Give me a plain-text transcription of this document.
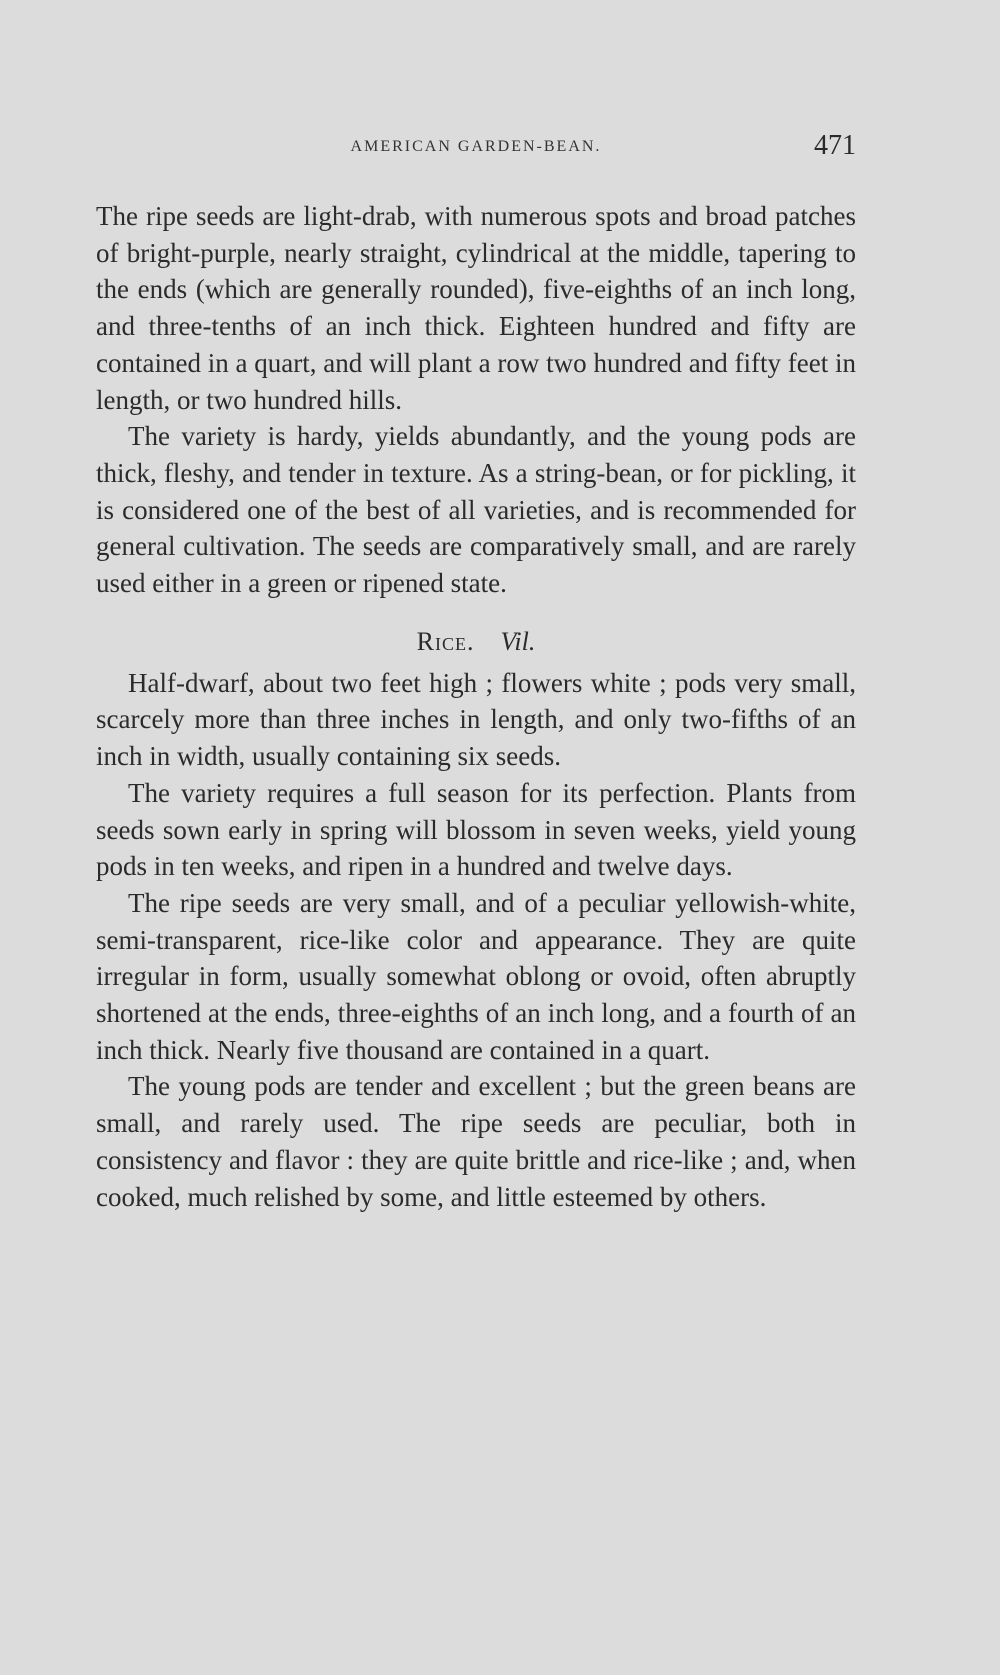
AMERICAN GARDEN-BEAN.	471

The ripe seeds are light-drab, with numerous spots and broad patches of bright-purple, nearly straight, cylindrical at the middle, tapering to the ends (which are generally rounded), five-eighths of an inch long, and three-tenths of an inch thick. Eighteen hundred and fifty are contained in a quart, and will plant a row two hundred and fifty feet in length, or two hundred hills.

The variety is hardy, yields abundantly, and the young pods are thick, fleshy, and tender in texture. As a string-bean, or for pickling, it is considered one of the best of all varieties, and is recommended for general cultivation. The seeds are comparatively small, and are rarely used either in a green or ripened state.

Rice. Vil.

Half-dwarf, about two feet high ; flowers white ; pods very small, scarcely more than three inches in length, and only two-fifths of an inch in width, usually containing six seeds.

The variety requires a full season for its perfection. Plants from seeds sown early in spring will blossom in seven weeks, yield young pods in ten weeks, and ripen in a hundred and twelve days.

The ripe seeds are very small, and of a peculiar yellowish-white, semi-transparent, rice-like color and appearance. They are quite irregular in form, usually somewhat oblong or ovoid, often abruptly shortened at the ends, three-eighths of an inch long, and a fourth of an inch thick. Nearly five thousand are contained in a quart.

The young pods are tender and excellent ; but the green beans are small, and rarely used. The ripe seeds are peculiar, both in consistency and flavor : they are quite brittle and rice-like ; and, when cooked, much relished by some, and little esteemed by others.
